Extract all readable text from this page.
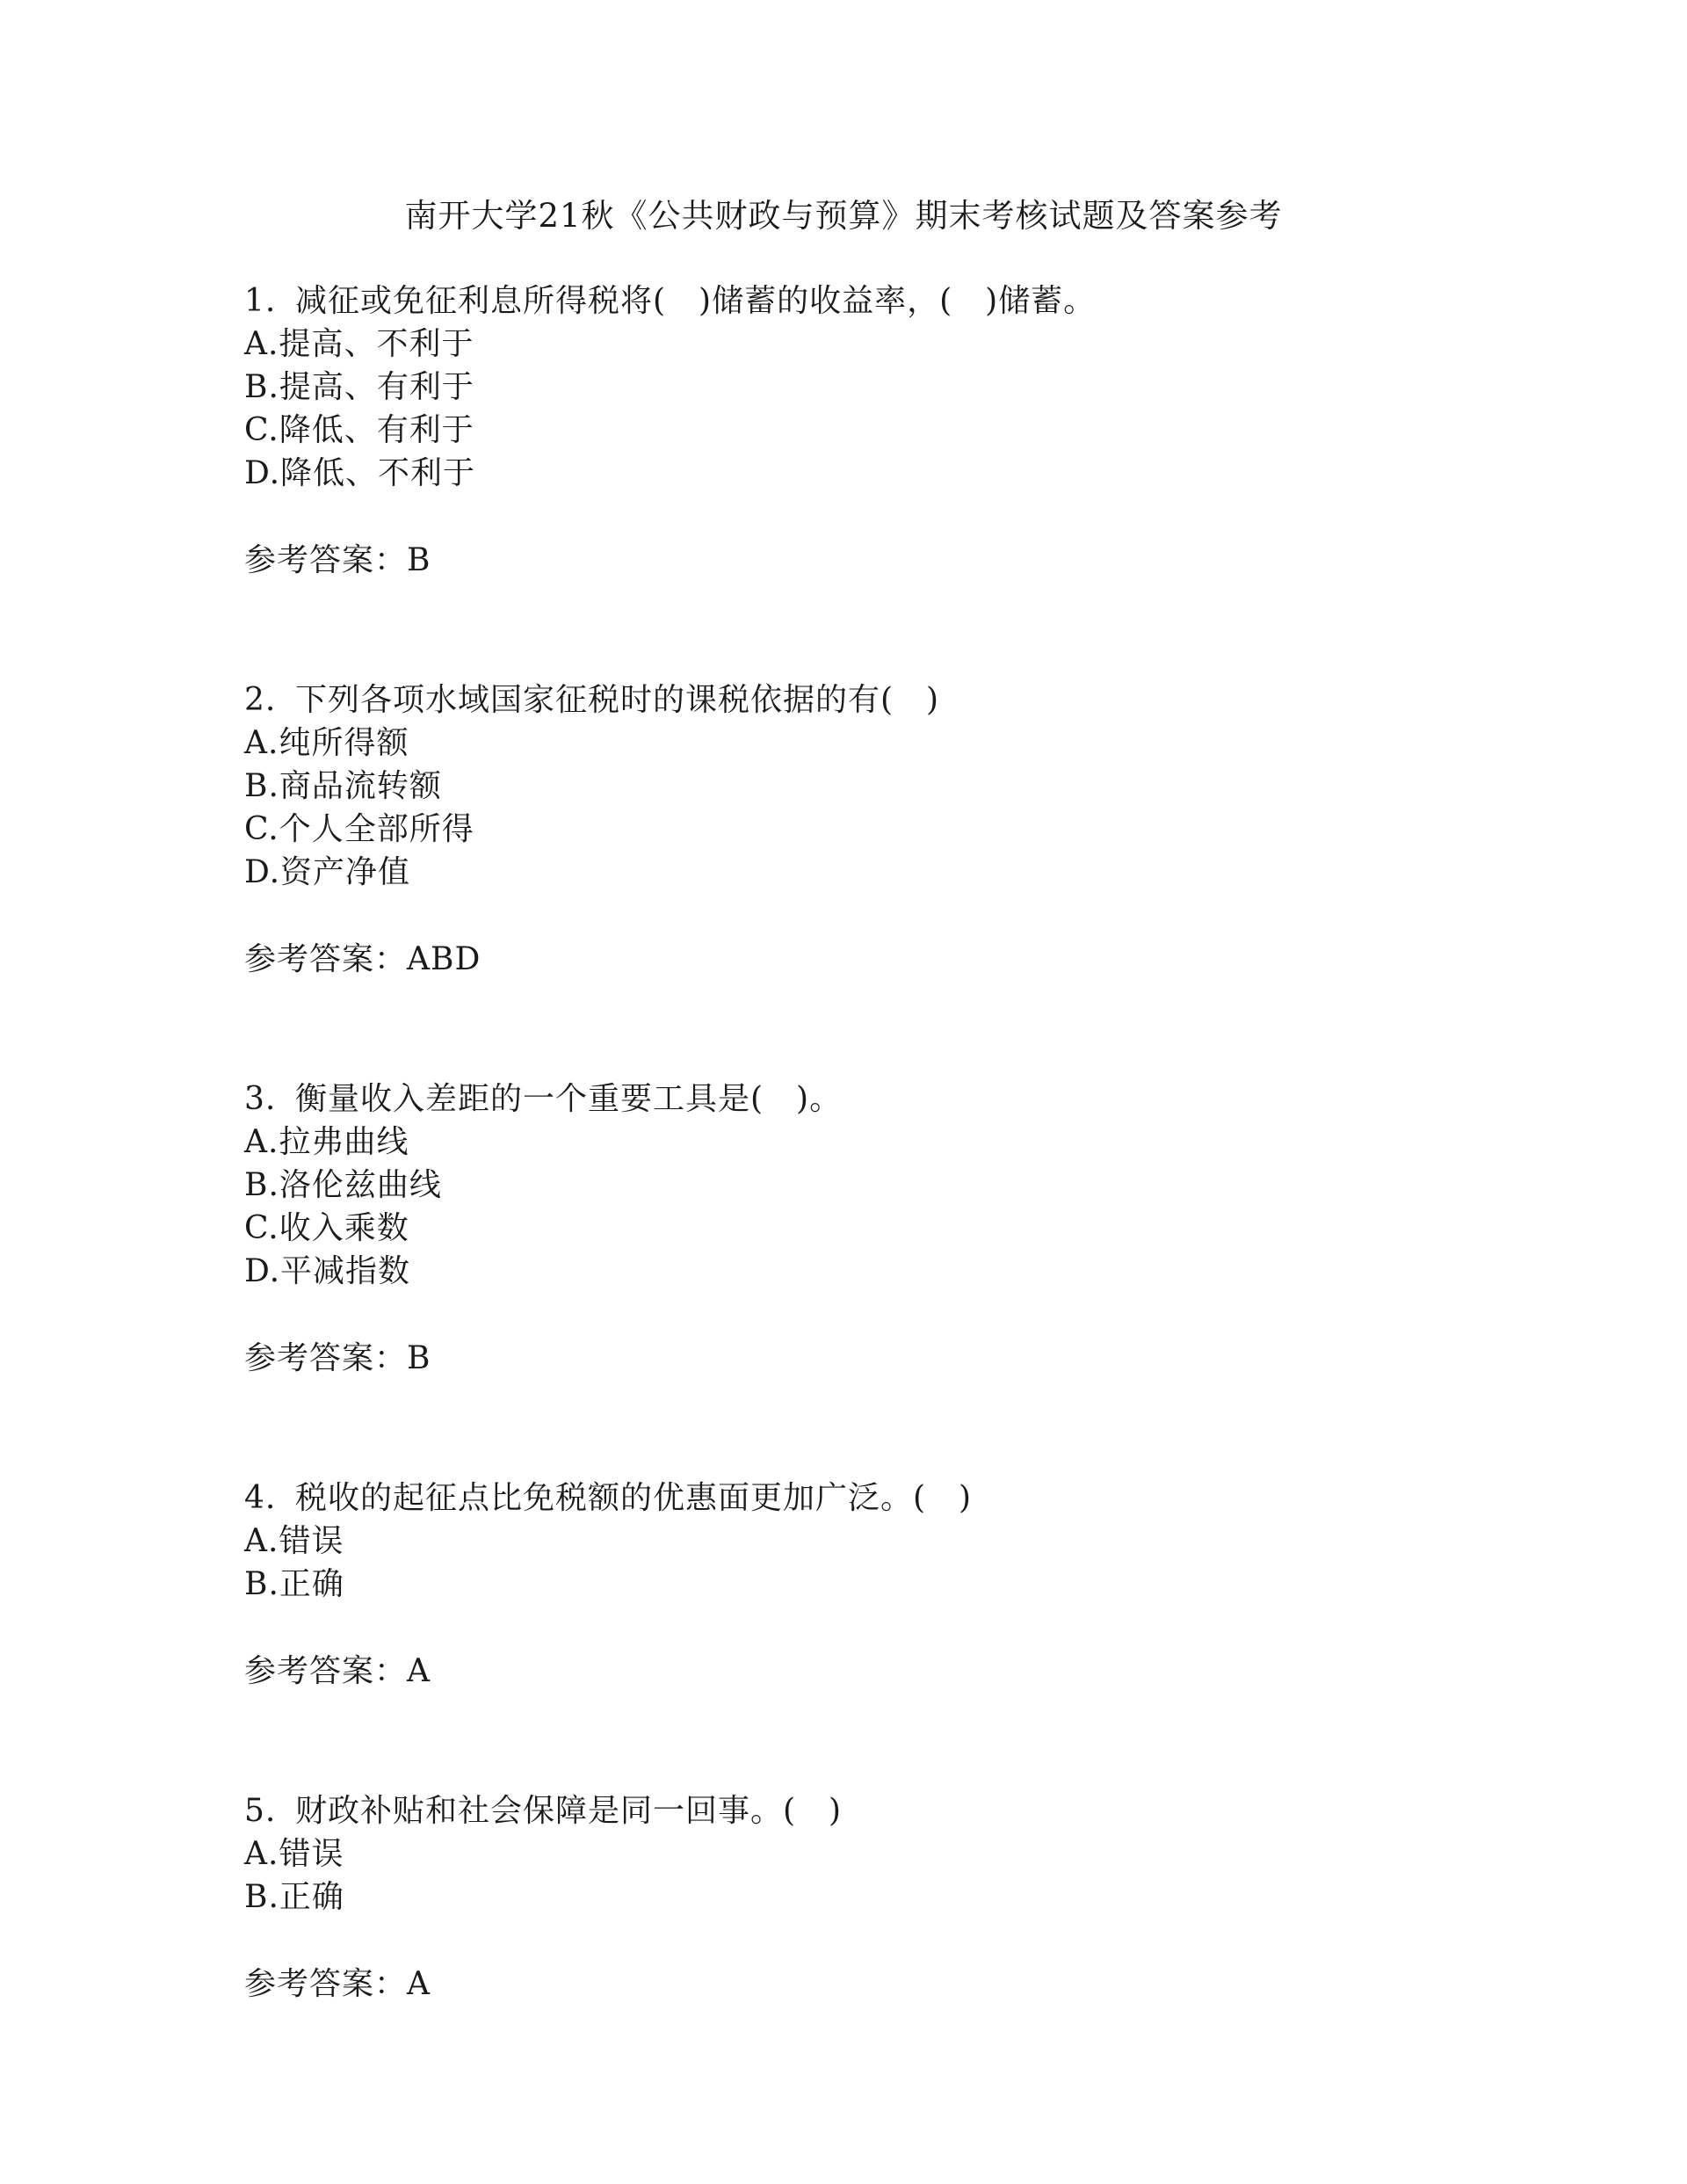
南开大学21秋《公共财政与预算》期末考核试题及答案参考
1. 减征或免征利息所得税将(　)储蓄的收益率，(　)储蓄。
A.提高、不利于
B.提高、有利于
C.降低、有利于
D.降低、不利于
参考答案：B
2. 下列各项水域国家征税时的课税依据的有(　)
A.纯所得额
B.商品流转额
C.个人全部所得
D.资产净值
参考答案：ABD
3. 衡量收入差距的一个重要工具是(　)。
A.拉弗曲线
B.洛伦兹曲线
C.收入乘数
D.平减指数
参考答案：B
4. 税收的起征点比免税额的优惠面更加广泛。(　)
A.错误
B.正确
参考答案：A
5. 财政补贴和社会保障是同一回事。(　)
A.错误
B.正确
参考答案：A
